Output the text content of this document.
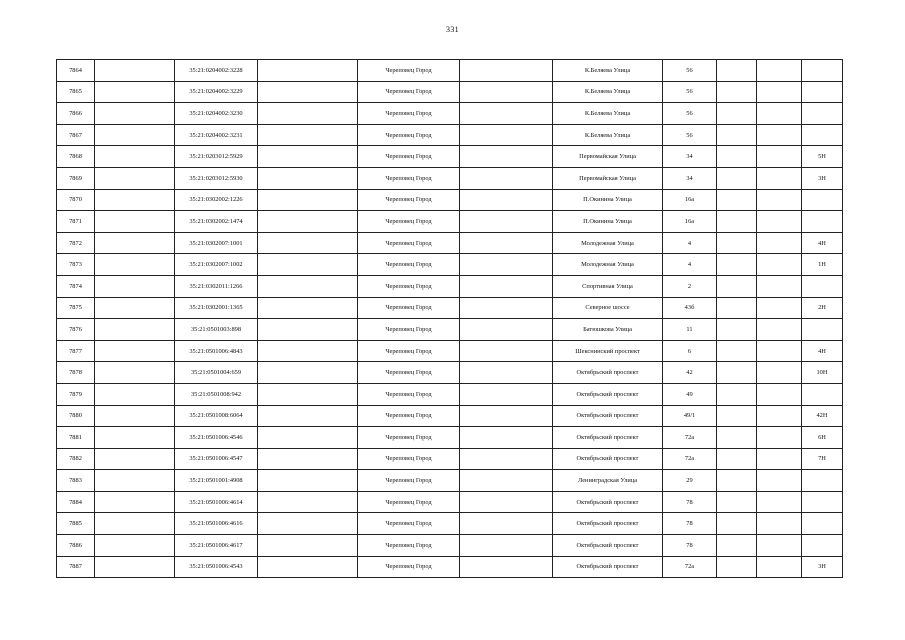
331
7864		35:21:0204002:3228		Череповец Город		К.Беляева Улица	56			
7865		35:21:0204002:3229		Череповец Город		К.Беляева Улица	56			
7866		35:21:0204002:3230		Череповец Город		К.Беляева Улица	56			
7867		35:21:0204002:3231		Череповец Город		К.Беляева Улица	56			
7868		35:21:0203012:5929		Череповец Город		Первомайская Улица	34			5Н
7869		35:21:0203012:5930		Череповец Город		Первомайская Улица	34			3Н
7870		35:21:0302002:1226		Череповец Город		П.Окинина Улица	16а			
7871		35:21:0302002:1474		Череповец Город		П.Окинина Улица	16а			
7872		35:21:0302007:1001		Череповец Город		Молодежная Улица	4			4Н
7873		35:21:0302007:1002		Череповец Город		Молодежная Улица	4			1Н
7874		35:21:0302011:1266		Череповец Город		Спортивная Улица	2			
7875		35:21:0302001:1365		Череповец Город		Северное шоссе	43б			2Н
7876		35:21:0501003:898		Череповец Город		Батюшкова Улица	11			
7877		35:21:0501006:4843		Череповец Город		Шекснинский проспект	6			4Н
7878		35:21:0501004:659		Череповец Город		Октябрьский проспект	42			10Н
7879		35:21:0501008:942		Череповец Город		Октябрьский проспект	49			
7880		35:21:0501008:6064		Череповец Город		Октябрьский проспект	49/1			42Н
7881		35:21:0501006:4546		Череповец Город		Октябрьский проспект	72а			6Н
7882		35:21:0501006:4547		Череповец Город		Октябрьский проспект	72а			7Н
7883		35:21:0501001:4908		Череповец Город		Ленинградская Улица	29			
7884		35:21:0501006:4614		Череповец Город		Октябрьский проспект	78			
7885		35:21:0501006:4616		Череповец Город		Октябрьский проспект	78			
7886		35:21:0501006:4617		Череповец Город		Октябрьский проспект	78			
7887		35:21:0501006:4543		Череповец Город		Октябрьский проспект	72а			3Н
